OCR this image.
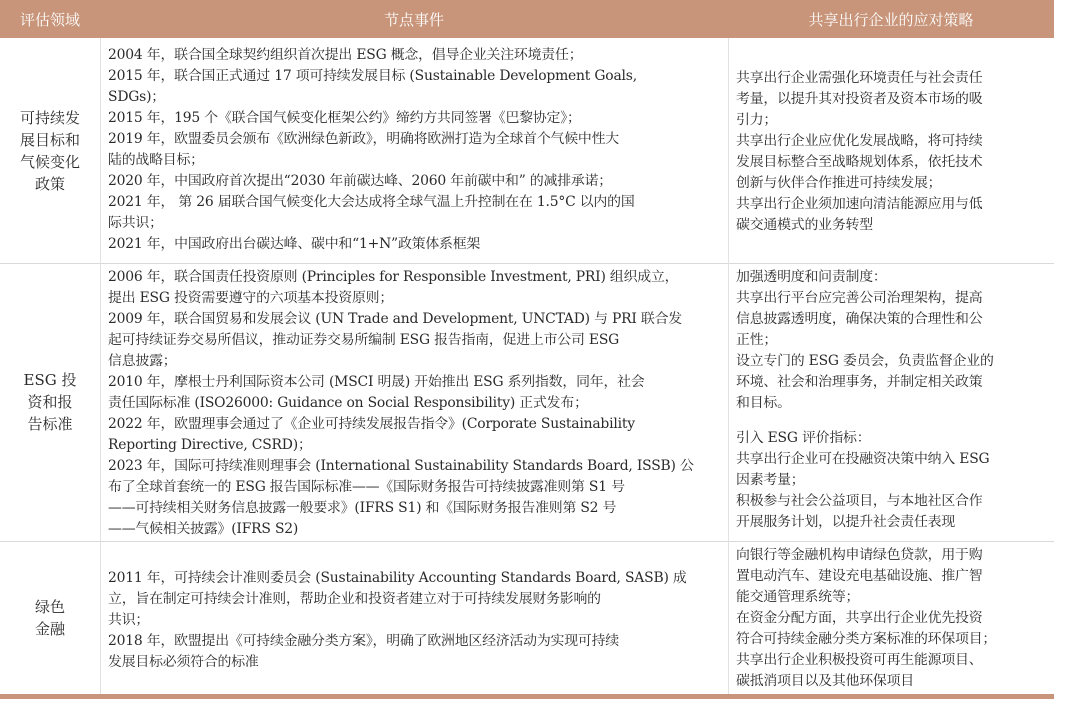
评估领域	节点事件	共享出行企业的应对策略
可持续发
展目标和
气候变化
政策
2004 年，联合国全球契约组织首次提出 ESG 概念，倡导企业关注环境责任；
2015 年，联合国正式通过 17 项可持续发展目标 (Sustainable Development Goals,
SDGs)；
2015 年，195 个《联合国气候变化框架公约》缔约方共同签署《巴黎协定》；
2019 年，欧盟委员会颁布《欧洲绿色新政》，明确将欧洲打造为全球首个气候中性大
陆的战略目标；
2020 年，中国政府首次提出“2030 年前碳达峰、2060 年前碳中和” 的减排承诺；
2021 年， 第 26 届联合国气候变化大会达成将全球气温上升控制在在 1.5°C 以内的国
际共识；
2021 年，中国政府出台碳达峰、碳中和“1+N”政策体系框架
共享出行企业需强化环境责任与社会责任
考量，以提升其对投资者及资本市场的吸
引力；
共享出行企业应优化发展战略，将可持续
发展目标整合至战略规划体系，依托技术
创新与伙伴合作推进可持续发展；
共享出行企业须加速向清洁能源应用与低
碳交通模式的业务转型
ESG 投
资和报
告标准
2006 年，联合国责任投资原则 (Principles for Responsible Investment, PRI) 组织成立，
提出 ESG 投资需要遵守的六项基本投资原则；
2009 年，联合国贸易和发展会议 (UN Trade and Development, UNCTAD) 与 PRI 联合发
起可持续证券交易所倡议，推动证券交易所编制 ESG 报告指南，促进上市公司 ESG
信息披露；
2010 年，摩根士丹利国际资本公司 (MSCI 明晟) 开始推出 ESG 系列指数，同年，社会
责任国际标准 (ISO26000: Guidance on Social Responsibility) 正式发布；
2022 年，欧盟理事会通过了《企业可持续发展报告指令》(Corporate Sustainability
Reporting Directive, CSRD)；
2023 年，国际可持续准则理事会 (International Sustainability Standards Board, ISSB) 公
布了全球首套统一的 ESG 报告国际标准——《国际财务报告可持续披露准则第 S1 号
——可持续相关财务信息披露一般要求》(IFRS S1) 和《国际财务报告准则第 S2 号
——气候相关披露》(IFRS S2)
加强透明度和问责制度：
共享出行平台应完善公司治理架构，提高
信息披露透明度，确保决策的合理性和公
正性；
设立专门的 ESG 委员会，负责监督企业的
环境、社会和治理事务，并制定相关政策
和目标。
引入 ESG 评价指标：
共享出行企业可在投融资决策中纳入 ESG
因素考量；
积极参与社会公益项目，与本地社区合作
开展服务计划，以提升社会责任表现
绿色
金融
2011 年，可持续会计准则委员会 (Sustainability Accounting Standards Board, SASB) 成
立，旨在制定可持续会计准则，帮助企业和投资者建立对于可持续发展财务影响的
共识；
2018 年，欧盟提出《可持续金融分类方案》，明确了欧洲地区经济活动为实现可持续
发展目标必须符合的标准
向银行等金融机构申请绿色贷款，用于购
置电动汽车、建设充电基础设施、推广智
能交通管理系统等；
在资金分配方面，共享出行企业优先投资
符合可持续金融分类方案标准的环保项目；
共享出行企业积极投资可再生能源项目、
碳抵消项目以及其他环保项目
